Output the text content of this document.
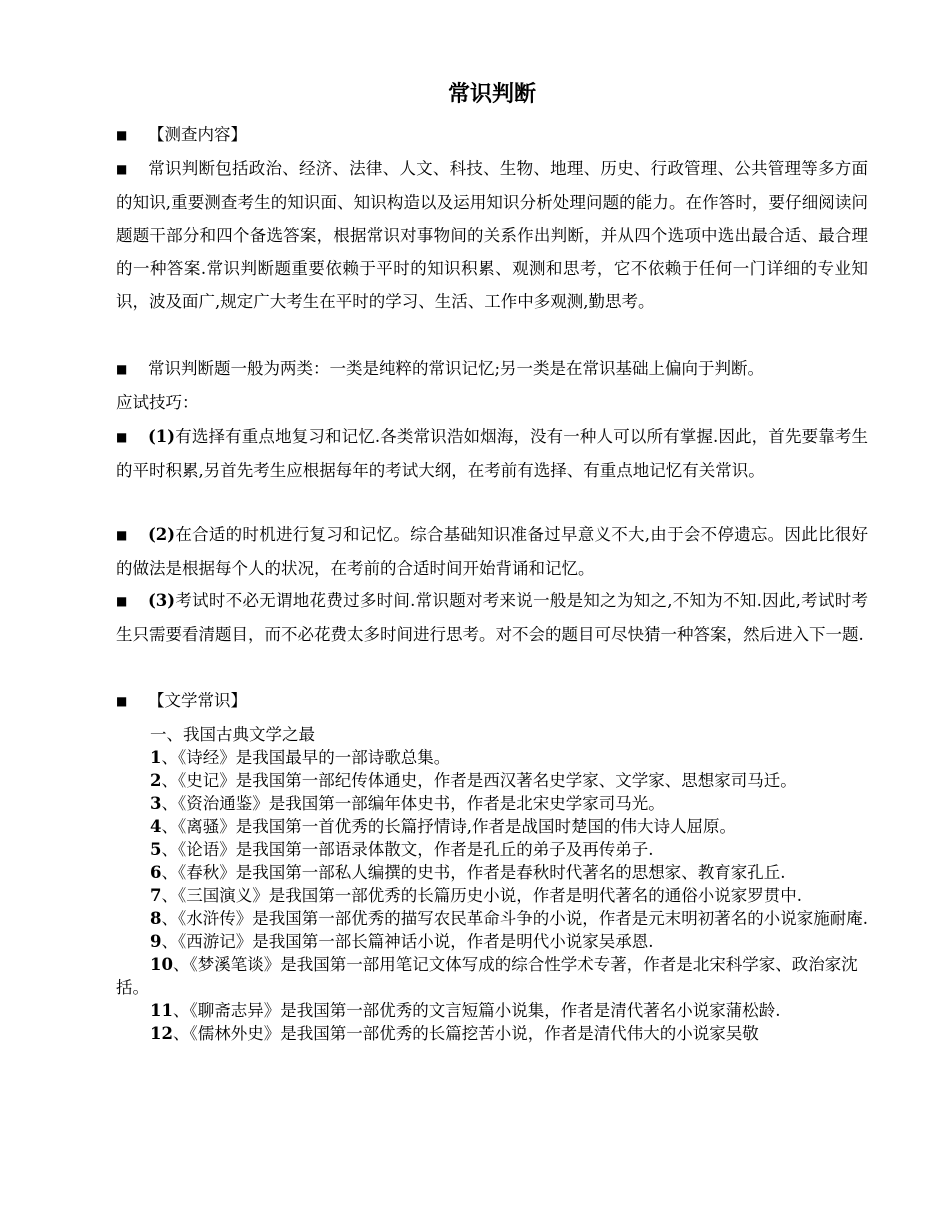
常识判断
■ 【测查内容】
■ 常识判断包括政治、经济、法律、人文、科技、生物、地理、历史、行政管理、公共管理等多方面的知识,重要测查考生的知识面、知识构造以及运用知识分析处理问题的能力。在作答时，要仔细阅读问题题干部分和四个备选答案，根据常识对事物间的关系作出判断，并从四个选项中选出最合适、最合理的一种答案.常识判断题重要依赖于平时的知识积累、观测和思考，它不依赖于任何一门详细的专业知识，波及面广,规定广大考生在平时的学习、生活、工作中多观测,勤思考。
■ 常识判断题一般为两类：一类是纯粹的常识记忆;另一类是在常识基础上偏向于判断。
应试技巧：
■ (1)有选择有重点地复习和记忆.各类常识浩如烟海，没有一种人可以所有掌握.因此，首先要靠考生的平时积累,另首先考生应根据每年的考试大纲，在考前有选择、有重点地记忆有关常识。
■ (2)在合适的时机进行复习和记忆。综合基础知识准备过早意义不大,由于会不停遗忘。因此比很好的做法是根据每个人的状况，在考前的合适时间开始背诵和记忆。
■ (3)考试时不必无谓地花费过多时间.常识题对考来说一般是知之为知之,不知为不知.因此,考试时考生只需要看清题目，而不必花费太多时间进行思考。对不会的题目可尽快猜一种答案，然后进入下一题.
■ 【文学常识】
一、我国古典文学之最
1、《诗经》是我国最早的一部诗歌总集。
2、《史记》是我国第一部纪传体通史，作者是西汉著名史学家、文学家、思想家司马迁。
3、《资治通鉴》是我国第一部编年体史书，作者是北宋史学家司马光。
4、《离骚》是我国第一首优秀的长篇抒情诗,作者是战国时楚国的伟大诗人屈原。
5、《论语》是我国第一部语录体散文，作者是孔丘的弟子及再传弟子.
6、《春秋》是我国第一部私人编撰的史书，作者是春秋时代著名的思想家、教育家孔丘.
7、《三国演义》是我国第一部优秀的长篇历史小说，作者是明代著名的通俗小说家罗贯中.
8、《水浒传》是我国第一部优秀的描写农民革命斗争的小说，作者是元末明初著名的小说家施耐庵.
9、《西游记》是我国第一部长篇神话小说，作者是明代小说家吴承恩.
10、《梦溪笔谈》是我国第一部用笔记文体写成的综合性学术专著，作者是北宋科学家、政治家沈括。
11、《聊斋志异》是我国第一部优秀的文言短篇小说集，作者是清代著名小说家蒲松龄.
12、《儒林外史》是我国第一部优秀的长篇挖苦小说，作者是清代伟大的小说家吴敬
